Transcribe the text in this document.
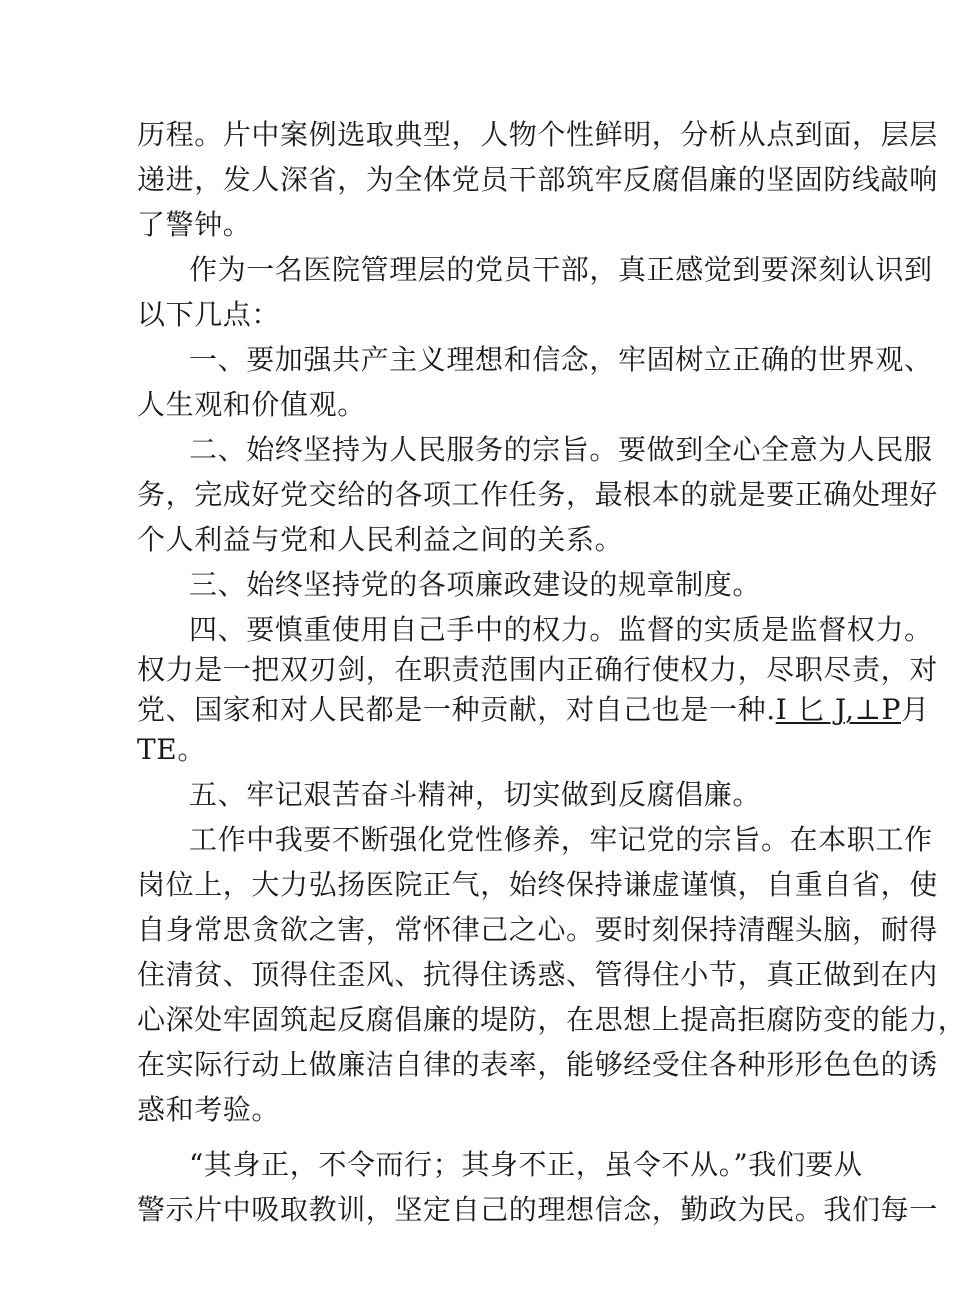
历程。片中案例选取典型，人物个性鲜明，分析从点到面，层层
递进，发人深省，为全体党员干部筑牢反腐倡廉的坚固防线敲响
了警钟。
作为一名医院管理层的党员干部，真正感觉到要深刻认识到
以下几点：
一、要加强共产主义理想和信念，牢固树立正确的世界观、
人生观和价值观。
二、始终坚持为人民服务的宗旨。要做到全心全意为人民服
务，完成好党交给的各项工作任务，最根本的就是要正确处理好
个人利益与党和人民利益之间的关系。
三、始终坚持党的各项廉政建设的规章制度。
四、要慎重使用自己手中的权力。监督的实质是监督权力。
权力是一把双刃剑，在职责范围内正确行使权力，尽职尽责，对
党、国家和对人民都是一种贡献，对自己也是一种.I 匕 J,⊥P月
TE。
五、牢记艰苦奋斗精神，切实做到反腐倡廉。
工作中我要不断强化党性修养，牢记党的宗旨。在本职工作
岗位上，大力弘扬医院正气，始终保持谦虚谨慎，自重自省，使
自身常思贪欲之害，常怀律己之心。要时刻保持清醒头脑，耐得
住清贫、顶得住歪风、抗得住诱惑、管得住小节，真正做到在内
心深处牢固筑起反腐倡廉的堤防，在思想上提高拒腐防变的能力，
在实际行动上做廉洁自律的表率，能够经受住各种形形色色的诱
惑和考验。
“其身正，不令而行；其身不正，虽令不从。”我们要从
警示片中吸取教训，坚定自己的理想信念，勤政为民。我们每一
